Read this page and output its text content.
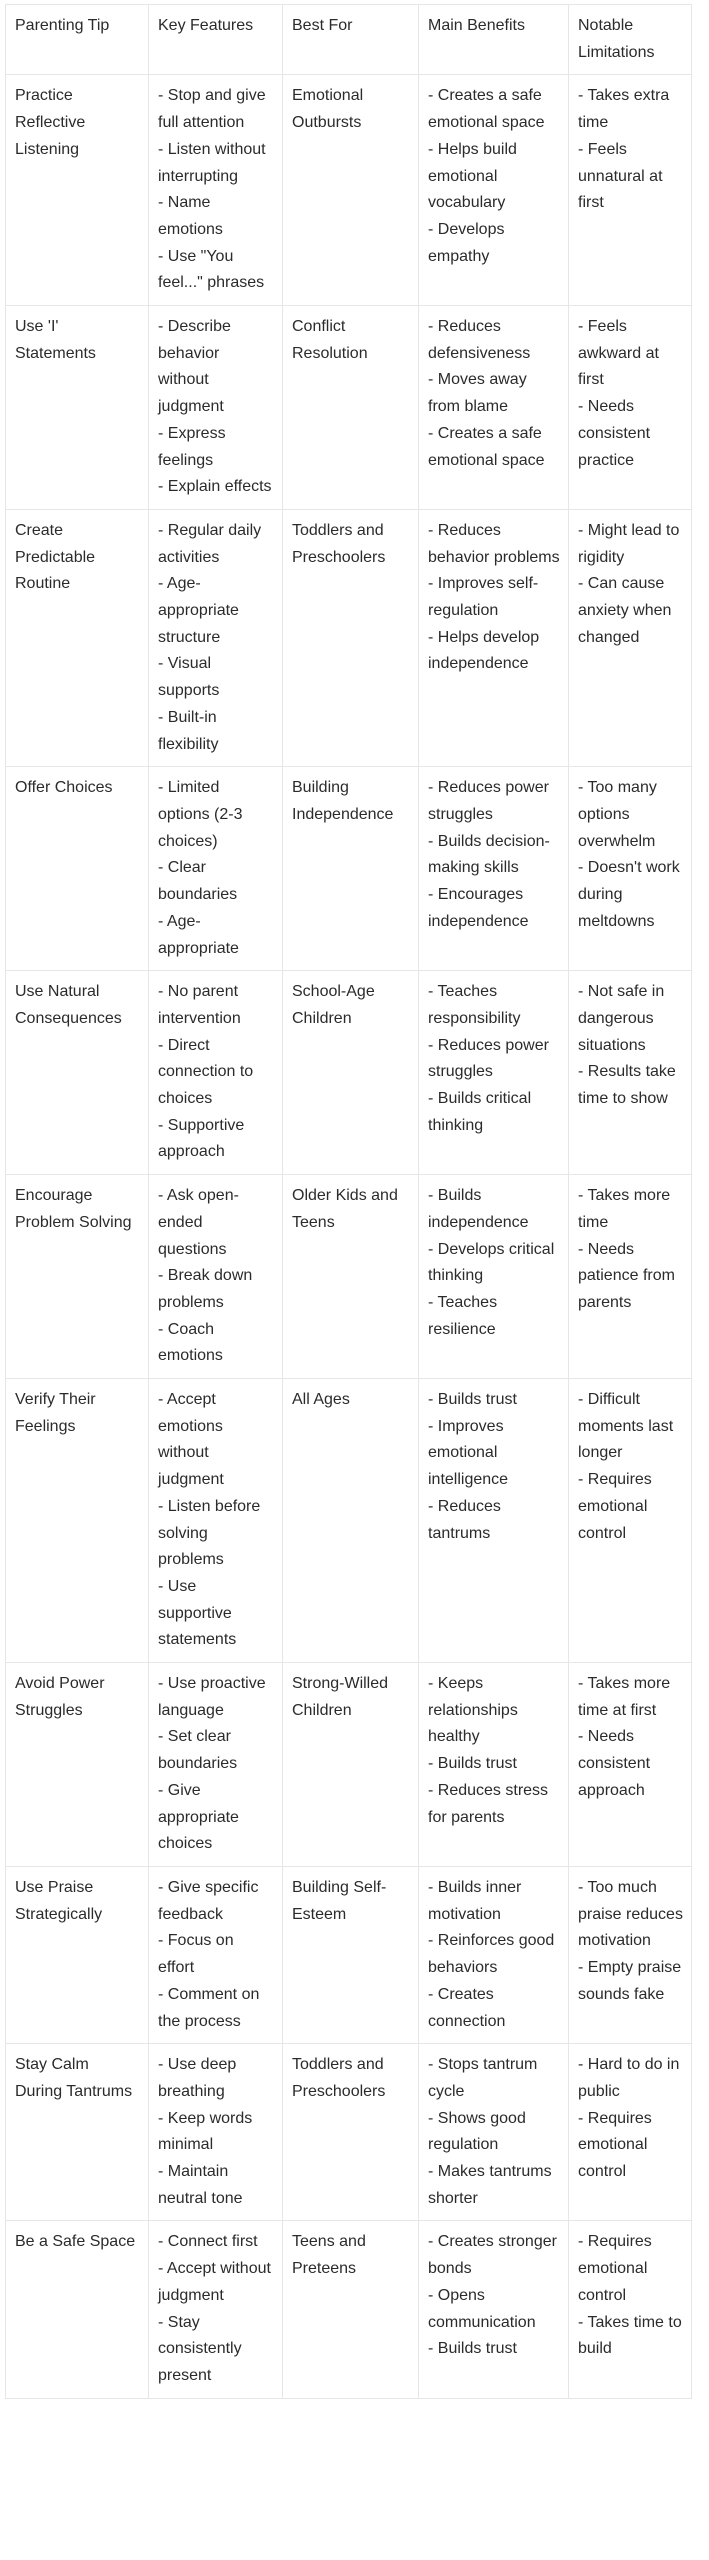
Parenting Tip	Key Features	Best For	Main Benefits	Notable Limitations
Practice Reflective Listening	- Stop and give full attention
- Listen without interrupting
- Name emotions
- Use "You feel..." phrases	Emotional Outbursts	- Creates a safe emotional space
- Helps build emotional vocabulary
- Develops empathy	- Takes extra time
- Feels unnatural at first

Use 'I' Statements	- Describe behavior without judgment
- Express feelings
- Explain effects	Conflict Resolution	- Reduces defensiveness
- Moves away from blame
- Creates a safe emotional space	- Feels awkward at first
- Needs consistent practice

Create Predictable Routine	- Regular daily activities
- Age-appropriate structure
- Visual supports
- Built-in flexibility	Toddlers and Preschoolers	- Reduces behavior problems
- Improves self-regulation
- Helps develop independence	- Might lead to rigidity
- Can cause anxiety when changed

Offer Choices	- Limited options (2-3 choices)
- Clear boundaries
- Age-appropriate	Building Independence	- Reduces power struggles
- Builds decision-making skills
- Encourages independence	- Too many options overwhelm
- Doesn't work during meltdowns

Use Natural Consequences	- No parent intervention
- Direct connection to choices
- Supportive approach	School-Age Children	- Teaches responsibility
- Reduces power struggles
- Builds critical thinking	- Not safe in dangerous situations
- Results take time to show

Encourage Problem Solving	- Ask open-ended questions
- Break down problems
- Coach emotions	Older Kids and Teens	- Builds independence
- Develops critical thinking
- Teaches resilience	- Takes more time
- Needs patience from parents

Verify Their Feelings	- Accept emotions without judgment
- Listen before solving problems
- Use supportive statements	All Ages	- Builds trust
- Improves emotional intelligence
- Reduces tantrums	- Difficult moments last longer
- Requires emotional control

Avoid Power Struggles	- Use proactive language
- Set clear boundaries
- Give appropriate choices	Strong-Willed Children	- Keeps relationships healthy
- Builds trust
- Reduces stress for parents	- Takes more time at first
- Needs consistent approach

Use Praise Strategically	- Give specific feedback
- Focus on effort
- Comment on the process	Building Self-Esteem	- Builds inner motivation
- Reinforces good behaviors
- Creates connection	- Too much praise reduces motivation
- Empty praise sounds fake

Stay Calm During Tantrums	- Use deep breathing
- Keep words minimal
- Maintain neutral tone	Toddlers and Preschoolers	- Stops tantrum cycle
- Shows good regulation
- Makes tantrums shorter	- Hard to do in public
- Requires emotional control

Be a Safe Space	- Connect first
- Accept without judgment
- Stay consistently present	Teens and Preteens	- Creates stronger bonds
- Opens communication
- Builds trust	- Requires emotional control
- Takes time to build
